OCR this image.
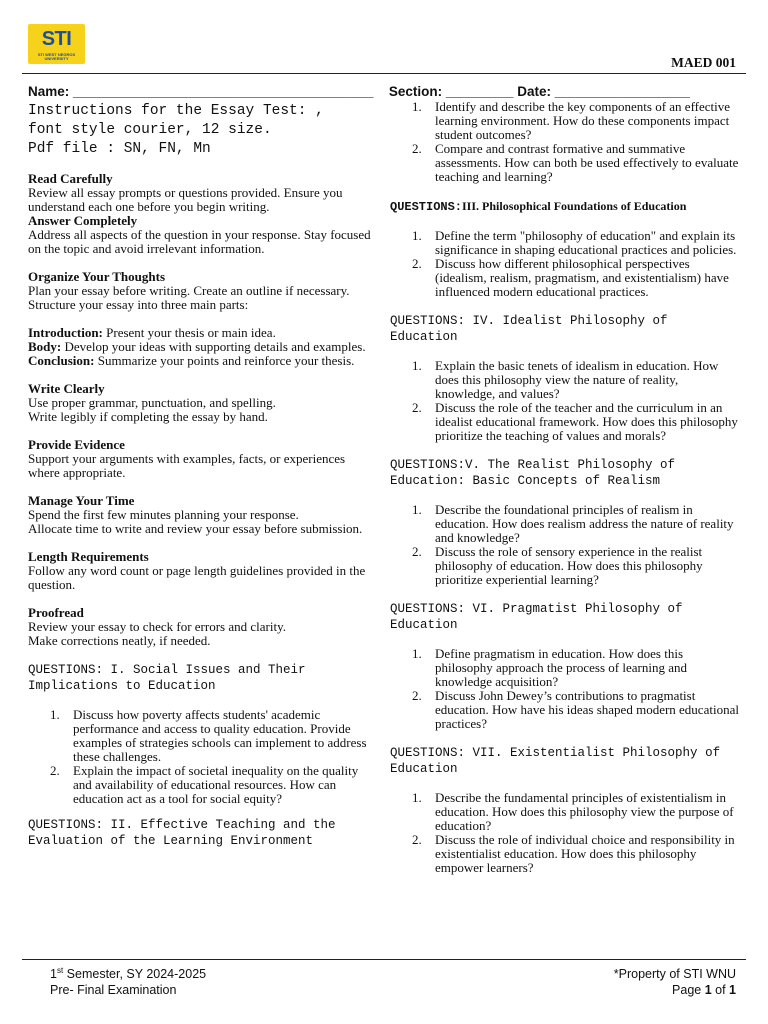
STI
STI WEST NEGROS UNIVERSITY	MAED 001
Name: ________________________________________ Section: _________ Date: __________________
Instructions for the Essay Test: ,
font style courier, 12 size.
Pdf file : SN, FN, Mn

Read Carefully

Review all essay prompts or questions provided. Ensure you understand each one before you begin writing.

Answer Completely

Address all aspects of the question in your response. Stay focused on the topic and avoid irrelevant information.

Organize Your Thoughts

Plan your essay before writing. Create an outline if necessary.

Structure your essay into three main parts:

Introduction: Present your thesis or main idea.

Body: Develop your ideas with supporting details and examples.

Conclusion: Summarize your points and reinforce your thesis.

Write Clearly

Use proper grammar, punctuation, and spelling.

Write legibly if completing the essay by hand.

Provide Evidence

Support your arguments with examples, facts, or experiences where appropriate.

Manage Your Time

Spend the first few minutes planning your response.

Allocate time to write and review your essay before submission.

Length Requirements

Follow any word count or page length guidelines provided in the question.

Proofread

Review your essay to check for errors and clarity.

Make corrections neatly, if needed.

QUESTIONS: I. Social Issues and Their Implications to Education

1. Discuss how poverty affects students' academic performance and access to quality education. Provide examples of strategies schools can implement to address these challenges.
2. Explain the impact of societal inequality on the quality and availability of educational resources. How can education act as a tool for social equity?

QUESTIONS: II. Effective Teaching and the Evaluation of the Learning Environment

1. Identify and describe the key components of an effective learning environment. How do these components impact student outcomes?
2. Compare and contrast formative and summative assessments. How can both be used effectively to evaluate teaching and learning?

QUESTIONS:III. Philosophical Foundations of Education

1. Define the term "philosophy of education" and explain its significance in shaping educational practices and policies.
2. Discuss how different philosophical perspectives (idealism, realism, pragmatism, and existentialism) have influenced modern educational practices.

QUESTIONS: IV. Idealist Philosophy of Education

1. Explain the basic tenets of idealism in education. How does this philosophy view the nature of reality, knowledge, and values?
2. Discuss the role of the teacher and the curriculum in an idealist educational framework. How does this philosophy prioritize the teaching of values and morals?

QUESTIONS:V. The Realist Philosophy of Education: Basic Concepts of Realism

1. Describe the foundational principles of realism in education. How does realism address the nature of reality and knowledge?
2. Discuss the role of sensory experience in the realist philosophy of education. How does this philosophy prioritize experiential learning?

QUESTIONS: VI. Pragmatist Philosophy of Education

1. Define pragmatism in education. How does this philosophy approach the process of learning and knowledge acquisition?
2. Discuss John Dewey’s contributions to pragmatist education. How have his ideas shaped modern educational practices?

QUESTIONS: VII. Existentialist Philosophy of Education

1. Describe the fundamental principles of existentialism in education. How does this philosophy view the purpose of education?
2. Discuss the role of individual choice and responsibility in existentialist education. How does this philosophy empower learners?
1st Semester, SY 2024-2025
Pre- Final Examination
*Property of STI WNU
Page 1 of 1
